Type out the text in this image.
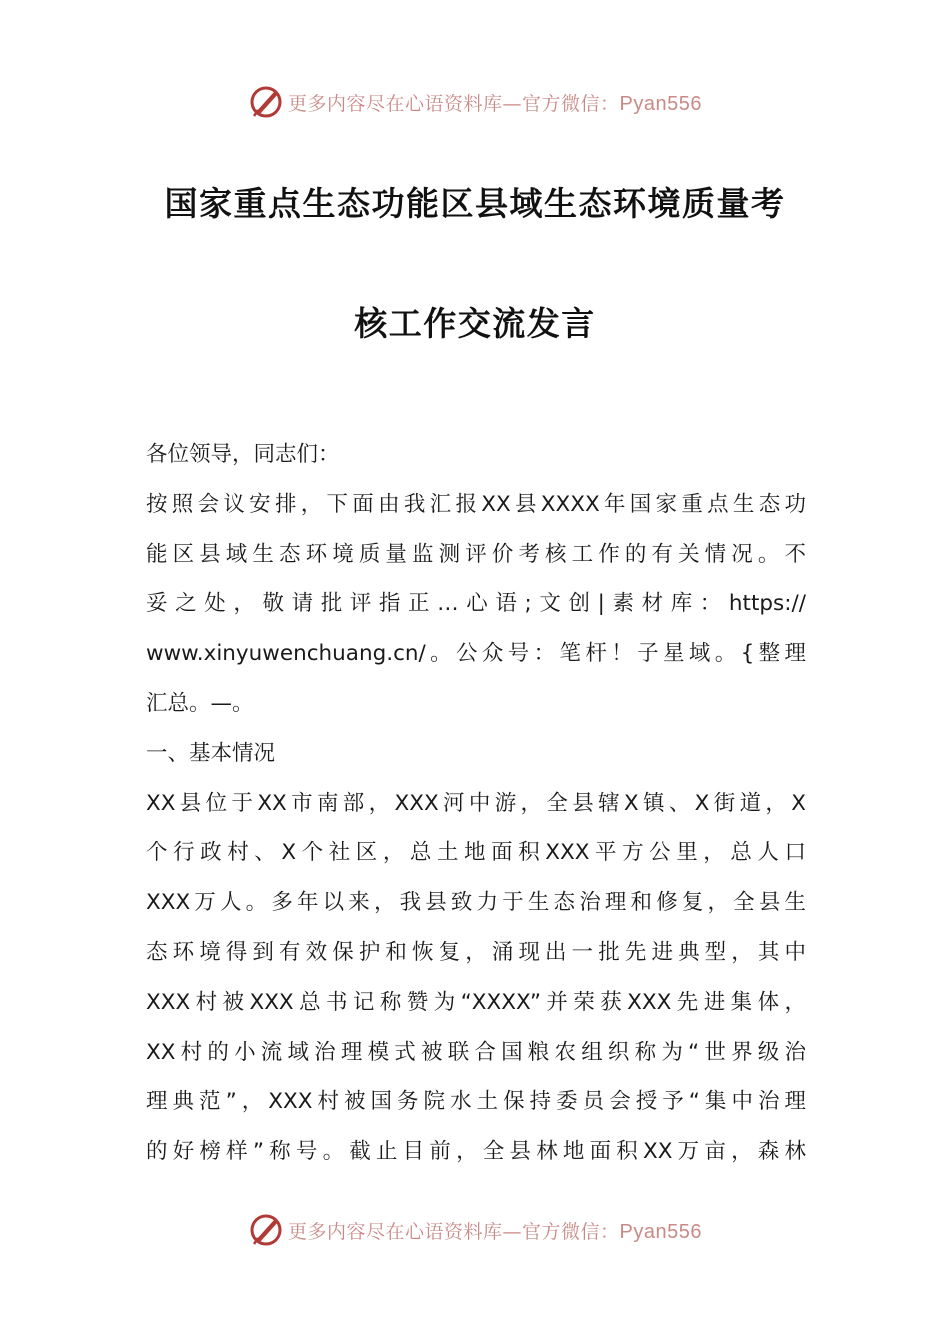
更多内容尽在心语资料库—官方微信：Pyan556
国家重点生态功能区县域生态环境质量考
核工作交流发言
各位领导，同志们：
按照会议安排，下面由我汇报XX县XXXX年国家重点生态功
能区县域生态环境质量监测评价考核工作的有关情况。不
妥之处，敬请批评指正…心语;文创|素材库：https://
www.xinyuwenchuang.cn/。公众号：笔杆！子星域。{整理
汇总。—。
一、基本情况
XX县位于XX市南部，XXX河中游，全县辖X镇、X街道，X
个行政村、X个社区，总土地面积XXX平方公里，总人口
XXX万人。多年以来，我县致力于生态治理和修复，全县生
态环境得到有效保护和恢复，涌现出一批先进典型，其中
XXX村被XXX总书记称赞为“XXXX”并荣获XXX先进集体，
XX村的小流域治理模式被联合国粮农组织称为“世界级治
理典范”，XXX村被国务院水土保持委员会授予“集中治理
的好榜样”称号。截止目前，全县林地面积XX万亩，森林
更多内容尽在心语资料库—官方微信：Pyan556
